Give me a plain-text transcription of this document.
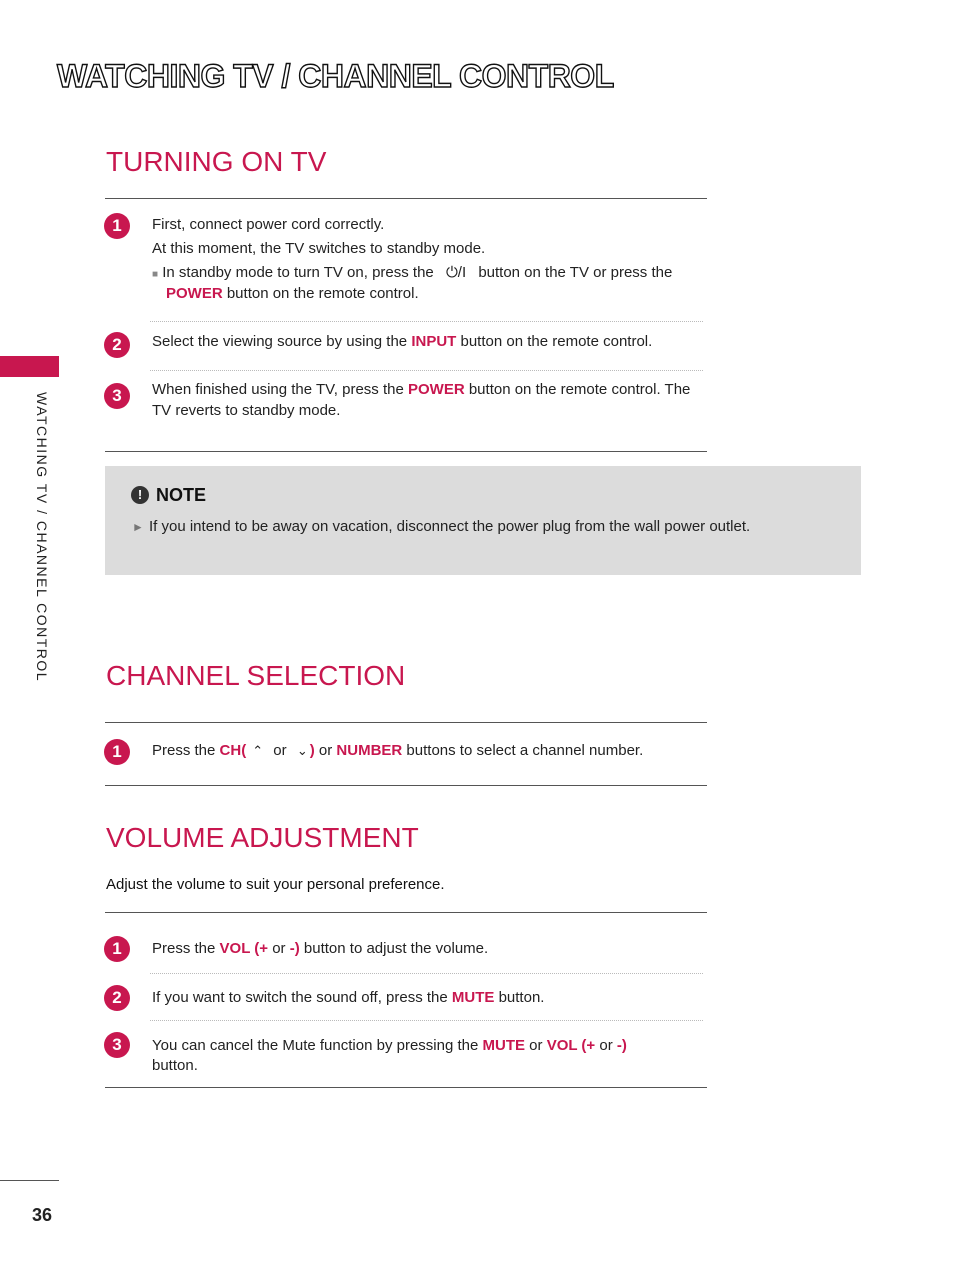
WATCHING TV / CHANNEL CONTROL
WATCHING TV / CHANNEL CONTROL
TURNING ON TV
1	First, connect power cord correctly.
At this moment, the TV switches to standby mode.
■ In standby mode to turn TV on, press the ⏻/I button on the TV or press the
POWER button on the remote control.
2	Select the viewing source by using the INPUT button on the remote control.
3	When finished using the TV, press the POWER button on the remote control. The
TV reverts to standby mode.
! NOTE
► If you intend to be away on vacation, disconnect the power plug from the wall power outlet.
CHANNEL SELECTION
1	Press the CH( ⌃ or ⌄ ) or NUMBER buttons to select a channel number.
VOLUME ADJUSTMENT
Adjust the volume to suit your personal preference.
1	Press the VOL (+ or -) button to adjust the volume.
2	If you want to switch the sound off, press the MUTE button.
3	You can cancel the Mute function by pressing the MUTE or VOL (+ or -)
button.
36
